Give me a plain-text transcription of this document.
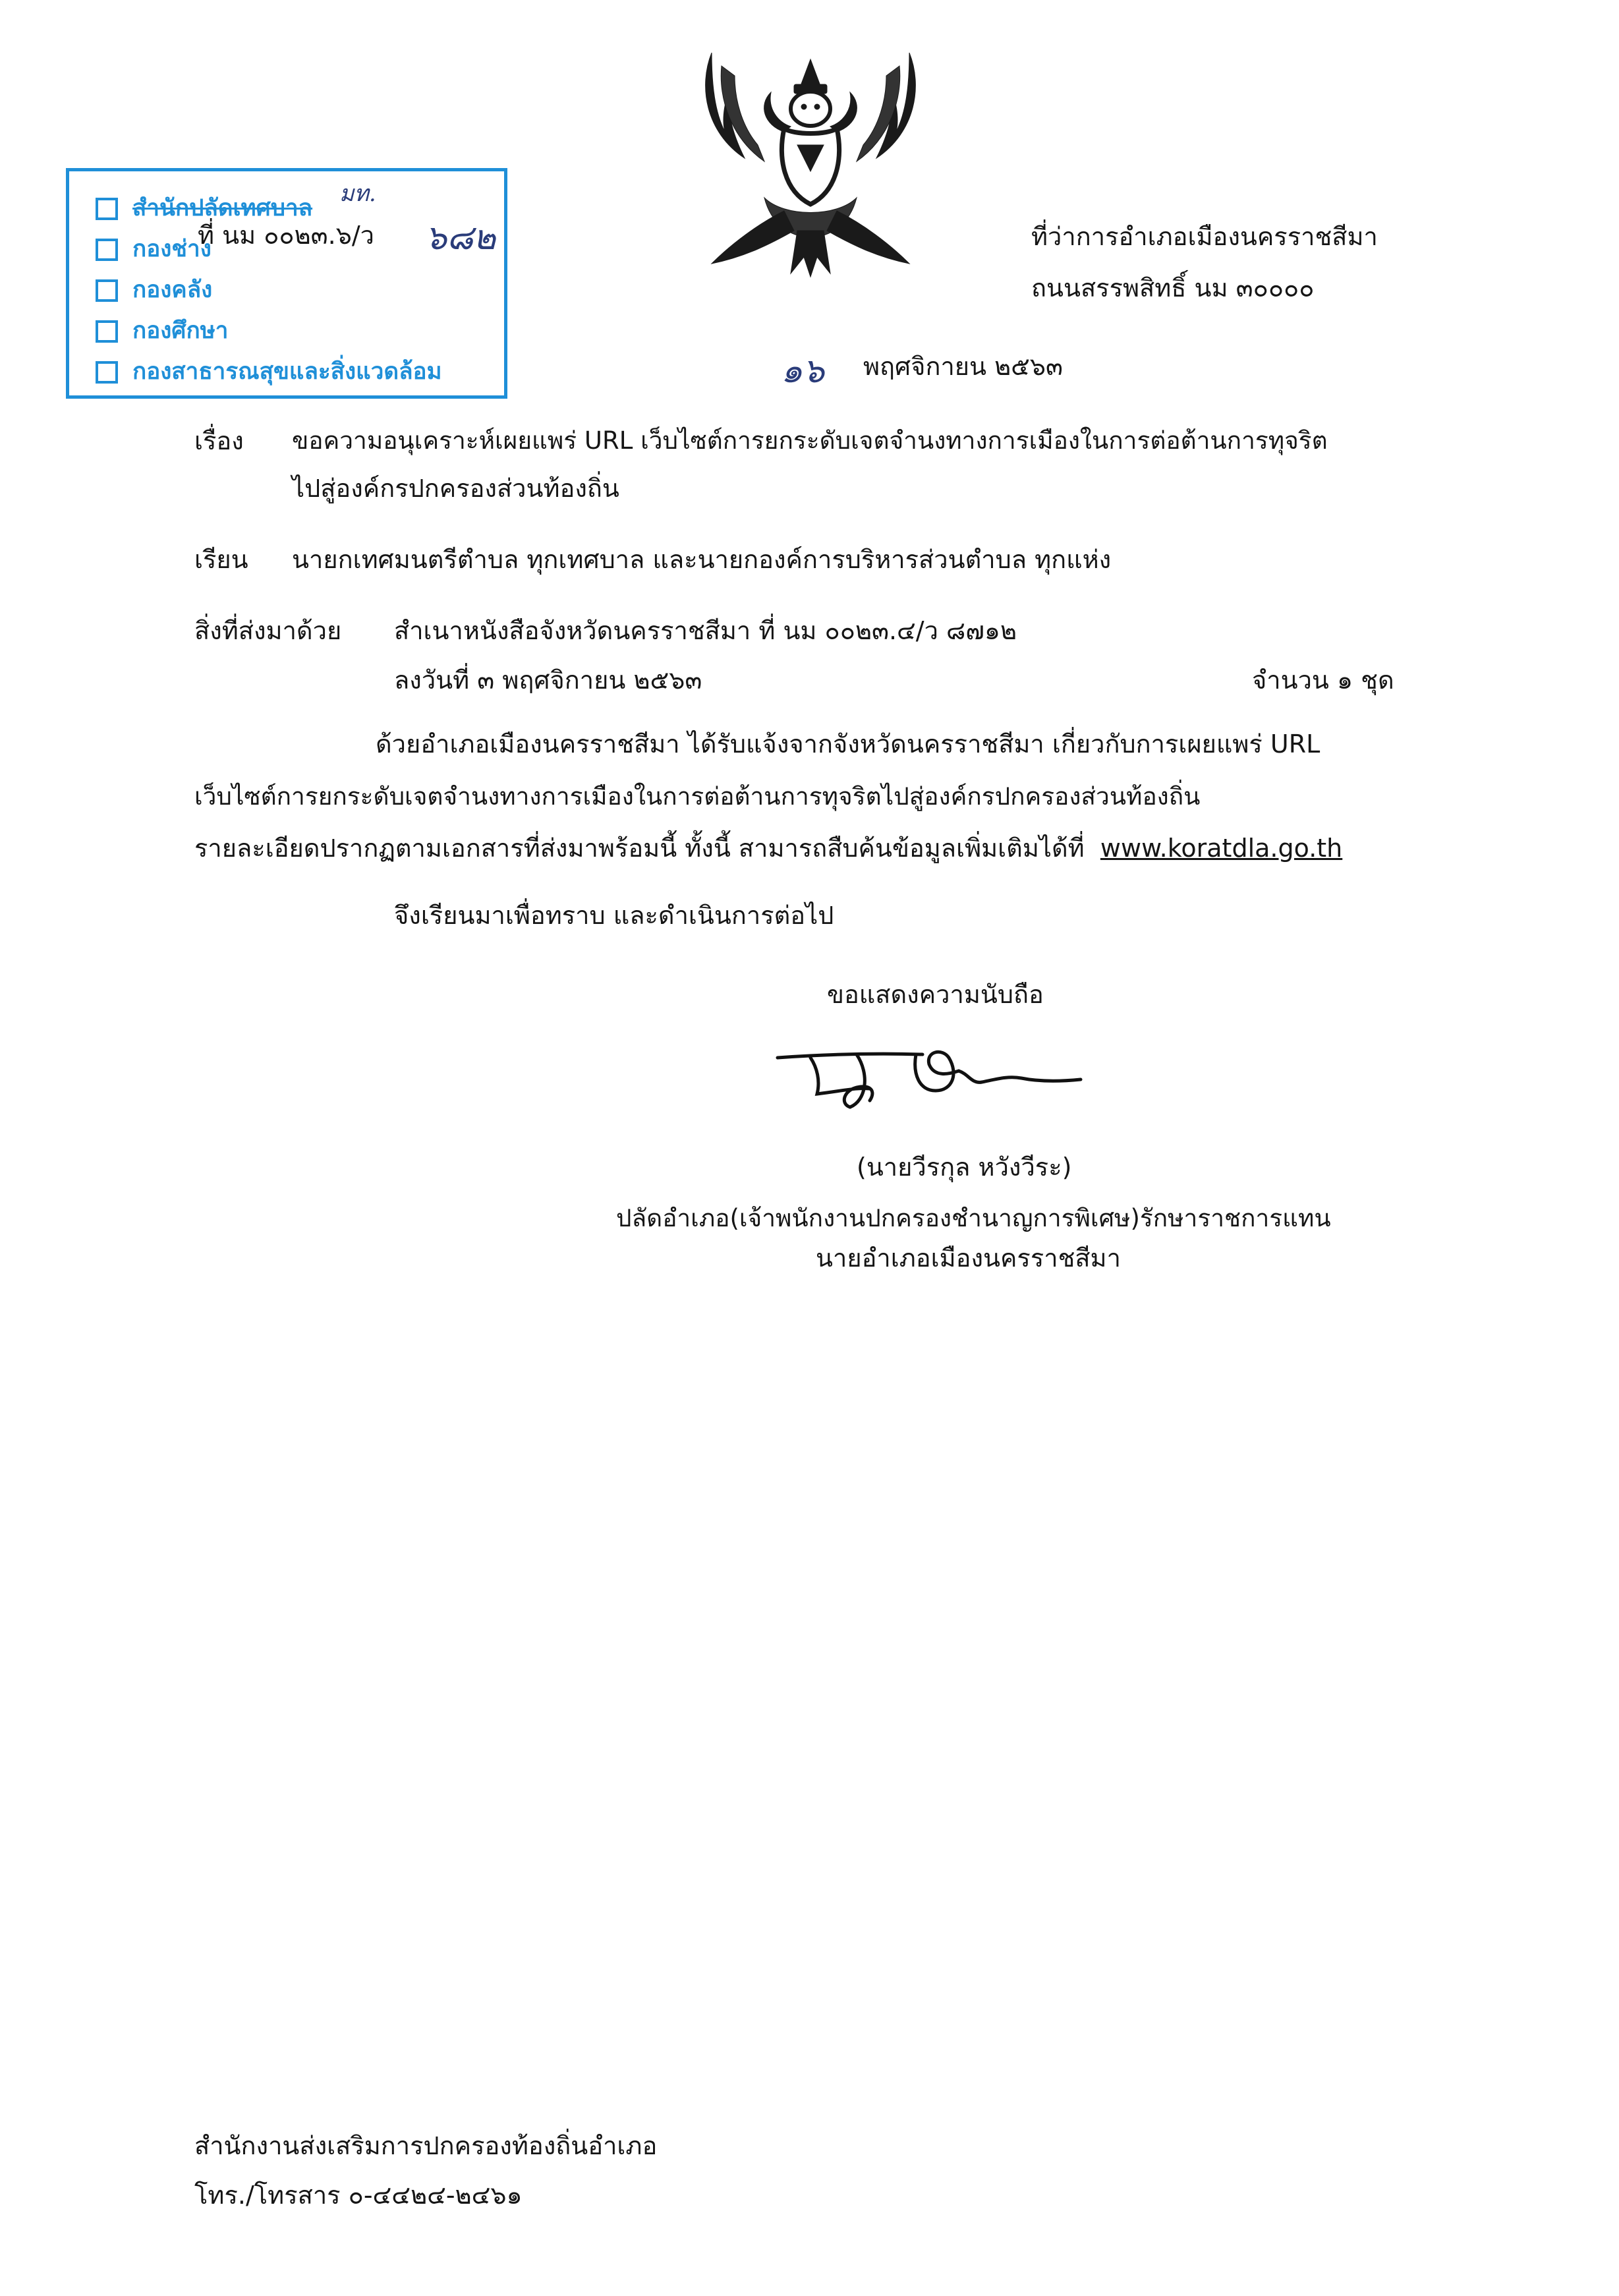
สำนักปลัดเทศบาล
กองช่าง
กองคลัง
กองศึกษา
กองสาธารณสุขและสิ่งแวดล้อม
มท.
ที่ นม ๐๐๒๓.๖/ว ๖๘๒	ที่ว่าการอำเภอเมืองนครราชสีมา
ถนนสรรพสิทธิ์ นม ๓๐๐๐๐
๑๖ พฤศจิกายน ๒๕๖๓
เรื่อง ขอความอนุเคราะห์เผยแพร่ URL เว็บไซต์การยกระดับเจตจำนงทางการเมืองในการต่อต้านการทุจริต
ไปสู่องค์กรปกครองส่วนท้องถิ่น
เรียน นายกเทศมนตรีตำบล ทุกเทศบาล และนายกองค์การบริหารส่วนตำบล ทุกแห่ง
สิ่งที่ส่งมาด้วย สำเนาหนังสือจังหวัดนครราชสีมา ที่ นม ๐๐๒๓.๔/ว ๘๗๑๒
ลงวันที่ ๓ พฤศจิกายน ๒๕๖๓	จำนวน ๑ ชุด
ด้วยอำเภอเมืองนครราชสีมา ได้รับแจ้งจากจังหวัดนครราชสีมา เกี่ยวกับการเผยแพร่ URL
เว็บไซต์การยกระดับเจตจำนงทางการเมืองในการต่อต้านการทุจริตไปสู่องค์กรปกครองส่วนท้องถิ่น
รายละเอียดปรากฏตามเอกสารที่ส่งมาพร้อมนี้ ทั้งนี้ สามารถสืบค้นข้อมูลเพิ่มเติมได้ที่ www.koratdla.go.th
จึงเรียนมาเพื่อทราบ และดำเนินการต่อไป
ขอแสดงความนับถือ
(นายวีรกุล หวังวีระ)
ปลัดอำเภอ(เจ้าพนักงานปกครองชำนาญการพิเศษ)รักษาราชการแทน
นายอำเภอเมืองนครราชสีมา
สำนักงานส่งเสริมการปกครองท้องถิ่นอำเภอ
โทร./โทรสาร ๐-๔๔๒๔-๒๔๖๑
